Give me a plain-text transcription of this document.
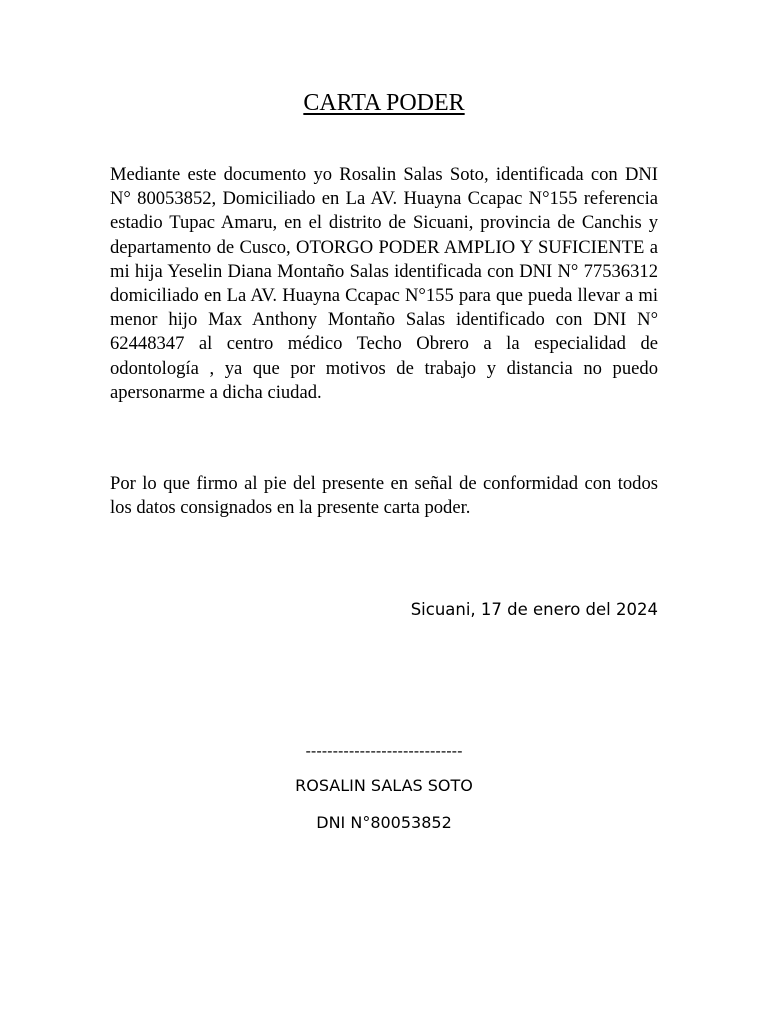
CARTA PODER

Mediante este documento yo Rosalin Salas Soto, identificada con DNI N° 80053852, Domiciliado en La AV. Huayna Ccapac N°155 referencia estadio Tupac Amaru, en el distrito de Sicuani, provincia de Canchis y departamento de Cusco, OTORGO PODER AMPLIO Y SUFICIENTE a mi hija Yeselin Diana Montaño Salas identificada con DNI N° 77536312 domiciliado en La AV. Huayna Ccapac N°155 para que pueda llevar a mi menor hijo Max Anthony Montaño Salas identificado con DNI N° 62448347 al centro médico Techo Obrero a la especialidad de odontología , ya que por motivos de trabajo y distancia no puedo apersonarme a dicha ciudad.

Por lo que firmo al pie del presente en señal de conformidad con todos los datos consignados en la presente carta poder.

Sicuani, 17 de enero del 2024

-----------------------------

ROSALIN SALAS SOTO

DNI N°80053852
